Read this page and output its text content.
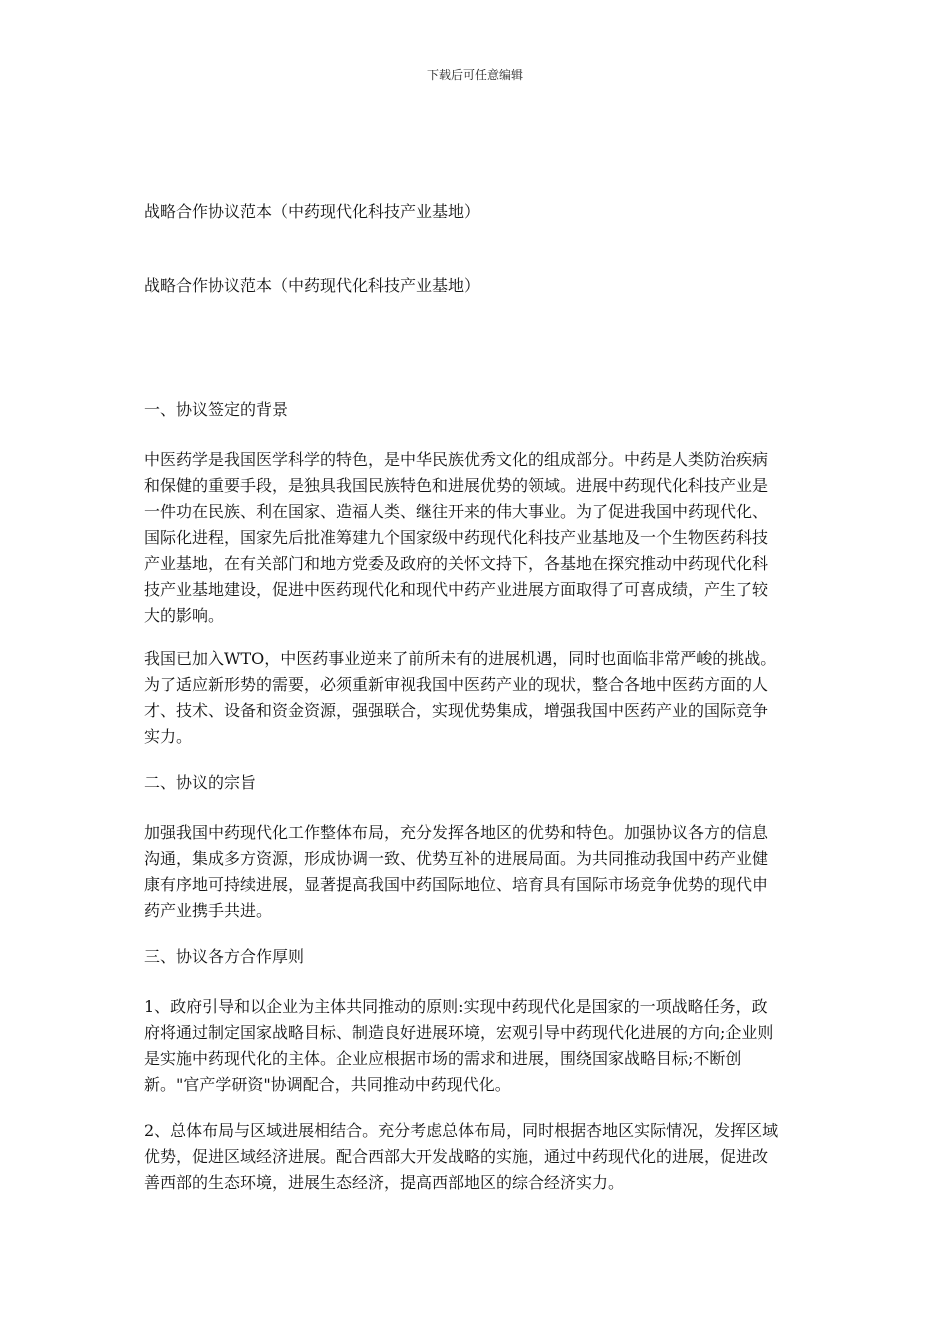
下载后可任意编辑
战略合作协议范本（中药现代化科技产业基地）
战略合作协议范本（中药现代化科技产业基地）

一、协议签定的背景

中医药学是我国医学科学的特色，是中华民族优秀文化的组成部分。中药是人类防治疾病

和保健的重要手段，是独具我国民族特色和进展优势的领域。进展中药现代化科技产业是

一件功在民族、利在国家、造福人类、继往开来的伟大事业。为了促进我国中药现代化、

国际化进程，国家先后批准筹建九个国家级中药现代化科技产业基地及一个生物医药科技

产业基地，在有关部门和地方党委及政府的关怀文持下，各基地在探究推动中药现代化科

技产业基地建设，促进中医药现代化和现代中药产业进展方面取得了可喜成绩，产生了较

大的影响。

我国已加入WTO，中医药事业逆来了前所未有的进展机遇，同时也面临非常严峻的挑战。

为了适应新形势的需要，必须重新审视我国中医药产业的现状，整合各地中医药方面的人

才、技术、设备和资金资源，强强联合，实现优势集成，增强我国中医药产业的国际竞争

实力。

二、协议的宗旨

加强我国中药现代化工作整体布局，充分发挥各地区的优势和特色。加强协议各方的信息

沟通，集成多方资源，形成协调一致、优势互补的进展局面。为共同推动我国中药产业健

康有序地可持续进展，显著提高我国中药国际地位、培育具有国际市场竞争优势的现代申

药产业携手共进。

三、协议各方合作厚则

1、政府引导和以企业为主体共同推动的原则:实现中药现代化是国家的一项战略任务，政

府将通过制定国家战略目标、制造良好进展环境，宏观引导中药现代化进展的方向;企业则

是实施中药现代化的主体。企业应根据市场的需求和进展，围绕国家战略目标;不断创

新。"官产学研资"协调配合，共同推动中药现代化。

2、总体布局与区域进展相结合。充分考虑总体布局，同时根据杏地区实际情况，发挥区域

优势，促进区域经济进展。配合西部大开发战略的实施，通过中药现代化的进展，促进改

善西部的生态环境，进展生态经济，提高西部地区的综合经济实力。
